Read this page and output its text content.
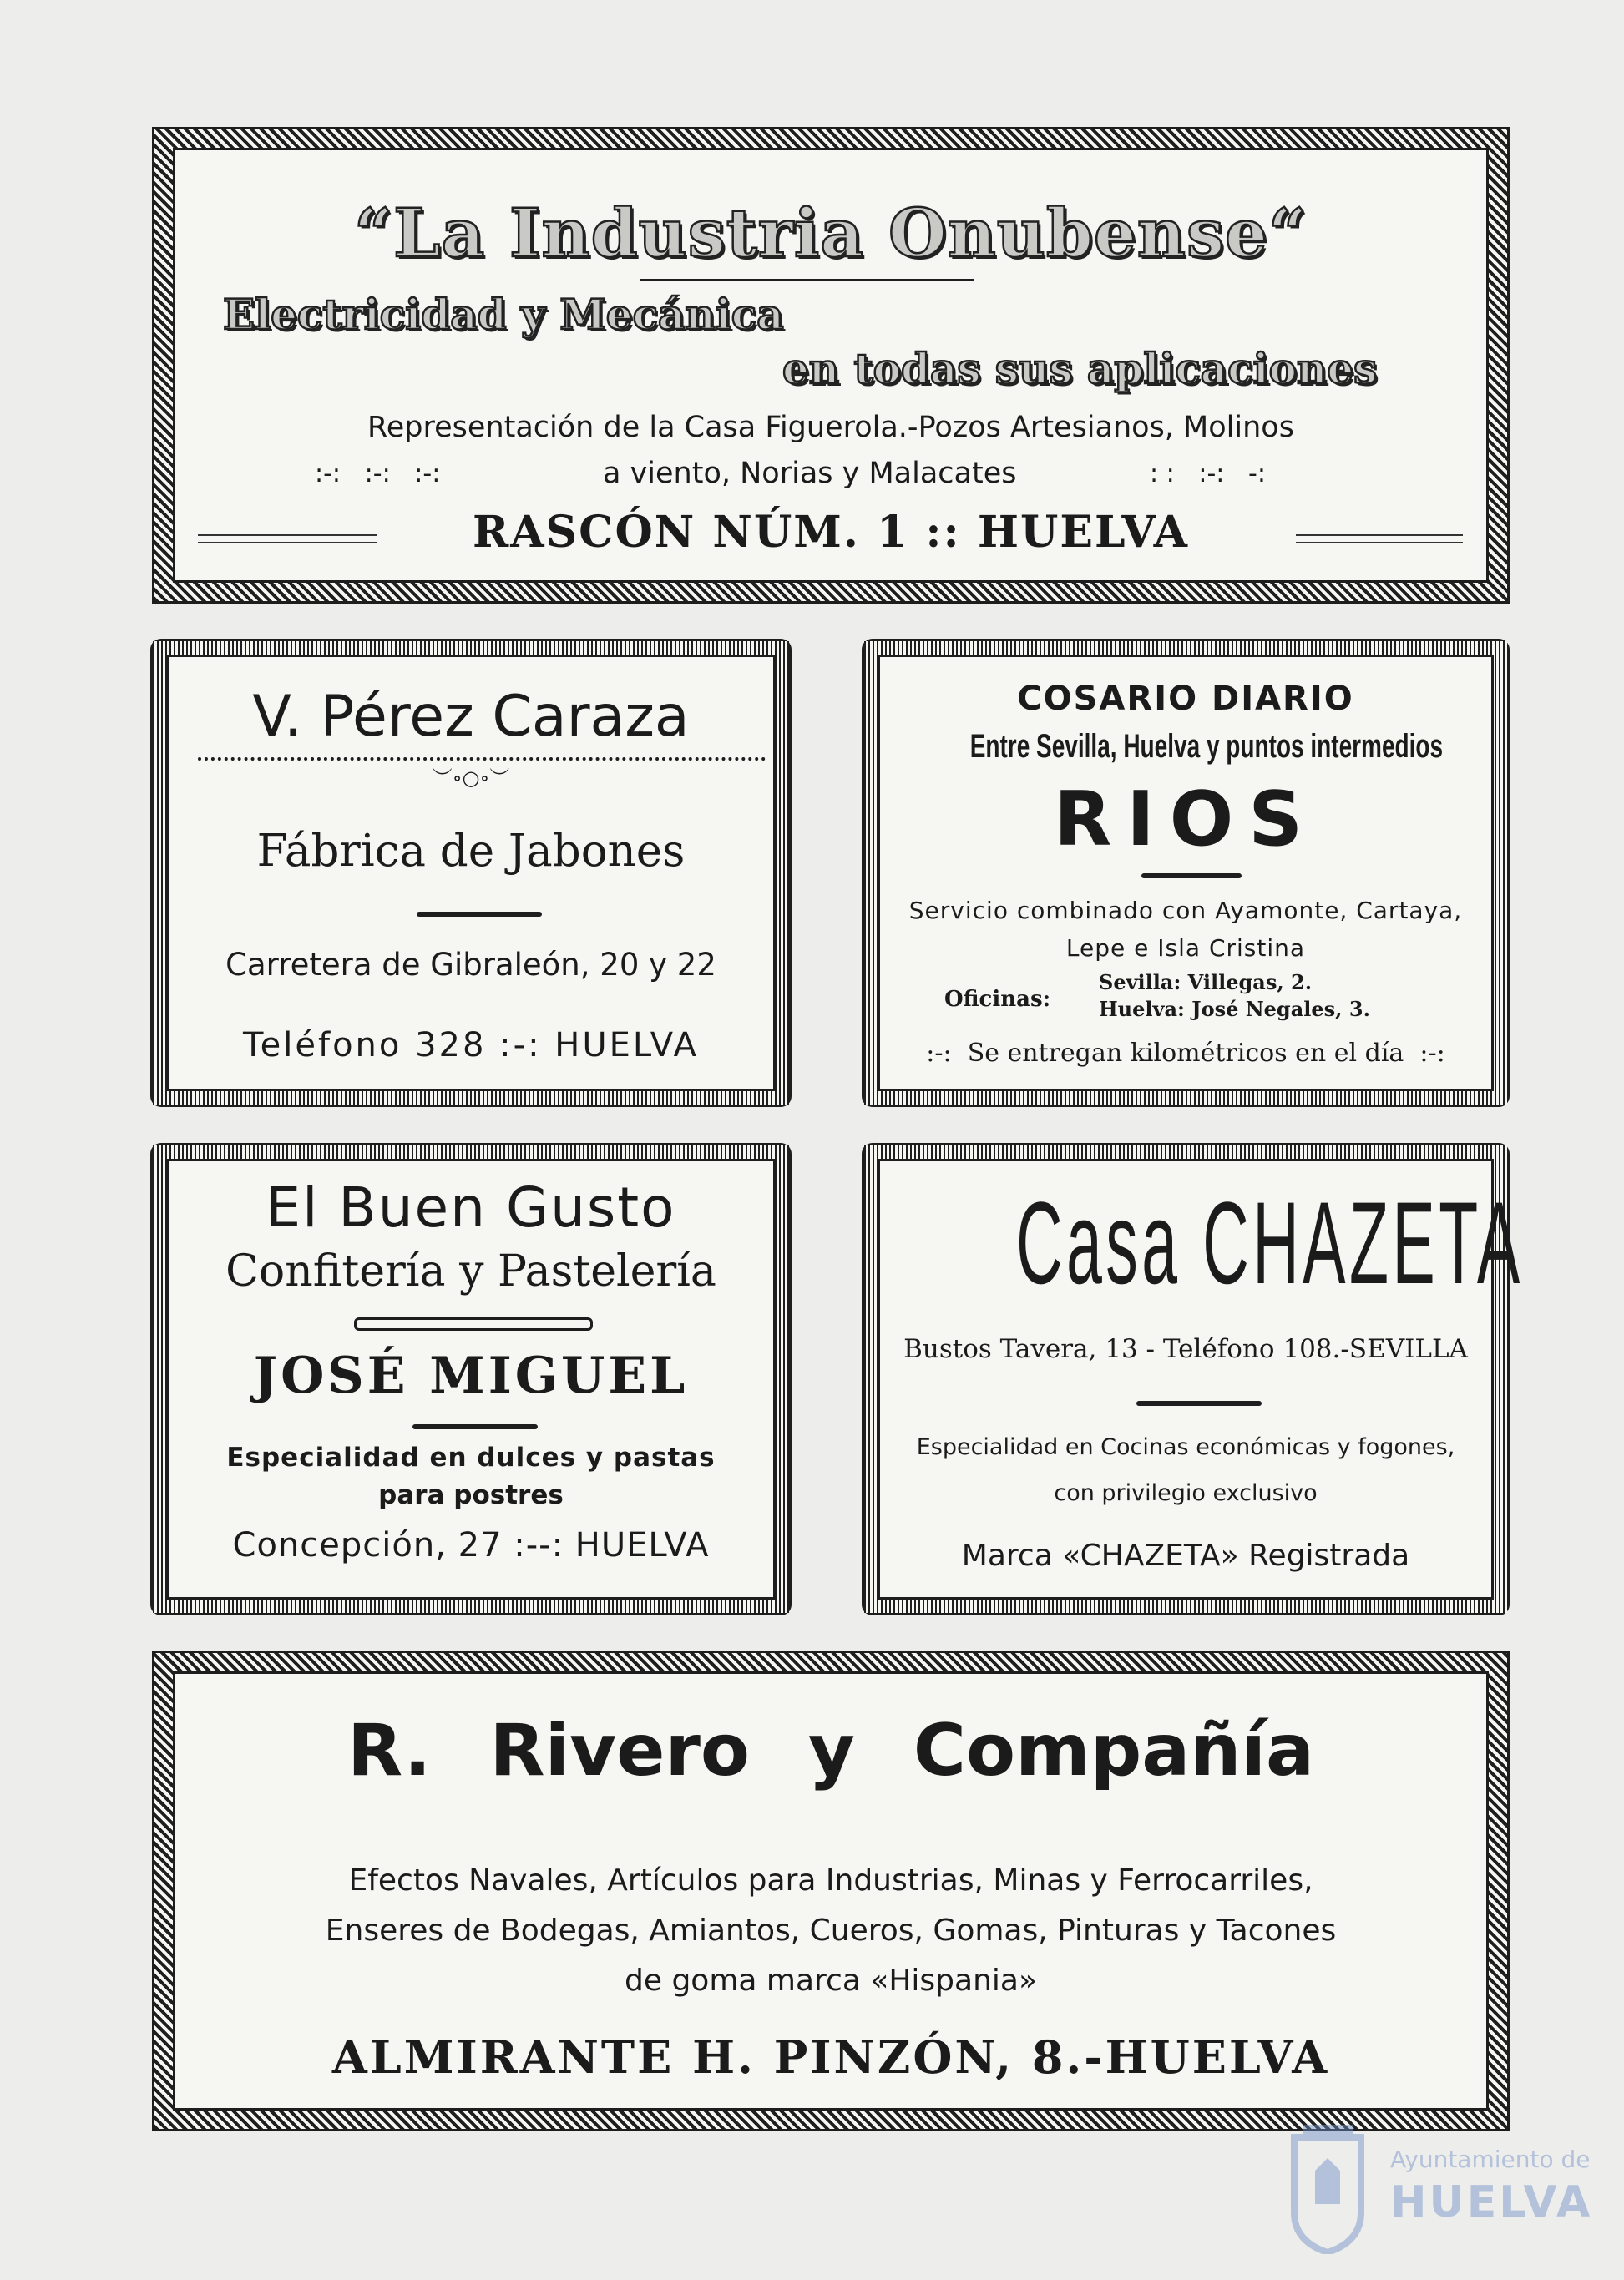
“La Industria Onubense“
Electricidad y Mecánica
en todas sus aplicaciones
Representación de la Casa Figuerola.-Pozos Artesianos, Molinos
:-:   :-:   :-:	a viento, Norias y Malacates	: :   :-:   -:
RASCÓN NÚM. 1 :: HUELVA
V. Pérez Caraza
︶∘○∘︶
Fábrica de Jabones
Carretera de Gibraleón, 20 y 22
Teléfono 328 :-: HUELVA
COSARIO DIARIO
Entre Sevilla, Huelva y puntos intermedios
RIOS
Servicio combinado con Ayamonte, Cartaya,
Lepe e Isla Cristina
Oficinas:
Sevilla: Villegas, 2.
Huelva: José Negales, 3.
:-:  Se entregan kilométricos en el día  :-:
El Buen Gusto
Confitería y Pastelería
JOSÉ MIGUEL
Especialidad en dulces y pastas
para postres
Concepción, 27 :--: HUELVA
Casa CHAZETA
Bustos Tavera, 13 - Teléfono 108.-SEVILLA
Especialidad en Cocinas económicas y fogones,
con privilegio exclusivo
Marca «CHAZETA» Registrada
R. Rivero y Compañía
Efectos Navales, Artículos para Industrias, Minas y Ferrocarriles,
Enseres de Bodegas, Amiantos, Cueros, Gomas, Pinturas y Tacones
de goma marca «Hispania»
ALMIRANTE H. PINZÓN, 8.-HUELVA
Ayuntamiento de
HUELVA
